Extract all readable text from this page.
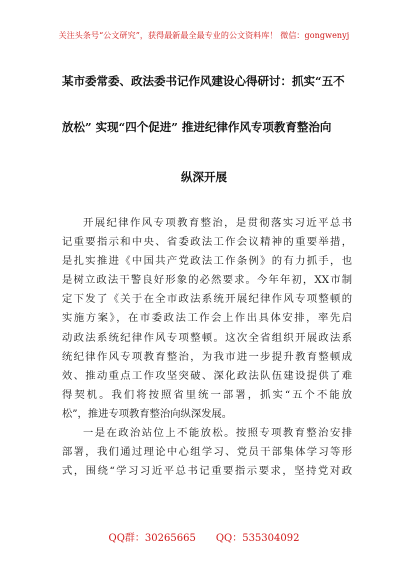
关注头条号“公文研究”，获得最新最全最专业的公文资料库！ 微信：gongwenyj
某市委常委、政法委书记作风建设心得研讨：抓实“五不
放松” 实现“四个促进” 推进纪律作风专项教育整治向
纵深开展
开展纪律作风专项教育整治，是贯彻落实习近平总书
记重要指示和中央、省委政法工作会议精神的重要举措，
是扎实推进《中国共产党政法工作条例》的有力抓手，也
是树立政法干警良好形象的必然要求。今年年初，XX市制
定下发了《关于在全市政法系统开展纪律作风专项整顿的
实施方案》，在市委政法工作会上作出具体安排，率先启
动政法系统纪律作风专项整顿。这次全省组织开展政法系
统纪律作风专项教育整治，为我市进一步提升教育整顿成
效、推动重点工作攻坚突破、深化政法队伍建设提供了难
得契机。我们将按照省里统一部署，抓实“五个不能放
松”，推进专项教育整治向纵深发展。
一是在政治站位上不能放松。按照专项教育整治安排
部署，我们通过理论中心组学习、党员干部集体学习等形
式，围绕“学习习近平总书记重要指示要求，坚持党对政
QQ群：30265665 QQ：535304092
